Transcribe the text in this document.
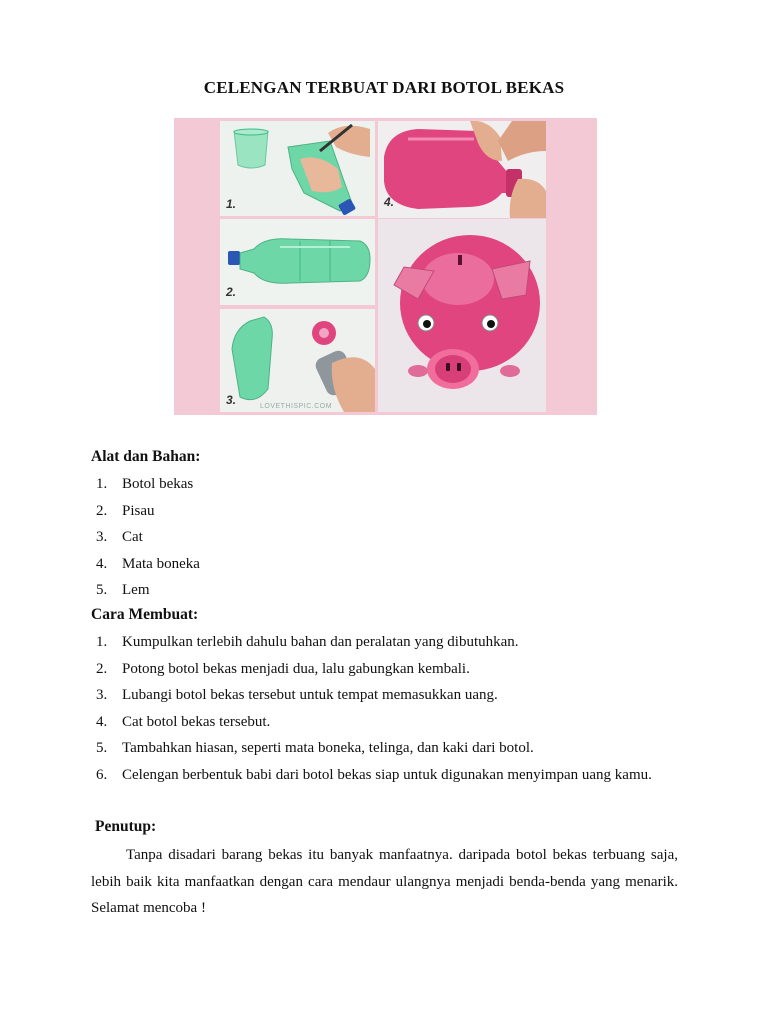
CELENGAN TERBUAT DARI BOTOL BEKAS
1.
2.
3.	LOVETHISPIC.COM
4.
Alat dan Bahan:
1. Botol bekas
2. Pisau
3. Cat
4. Mata boneka
5. Lem
Cara Membuat:
1. Kumpulkan terlebih dahulu bahan dan peralatan yang dibutuhkan.
2. Potong botol bekas menjadi dua, lalu gabungkan kembali.
3. Lubangi botol bekas tersebut untuk tempat memasukkan uang.
4. Cat botol bekas tersebut.
5. Tambahkan hiasan, seperti mata boneka, telinga, dan kaki dari botol.
6. Celengan berbentuk babi dari botol bekas siap untuk digunakan menyimpan uang kamu.
Penutup:

Tanpa disadari barang bekas itu banyak manfaatnya. daripada botol bekas terbuang saja, lebih baik kita manfaatkan dengan cara mendaur ulangnya menjadi benda-benda yang menarik. Selamat mencoba !
